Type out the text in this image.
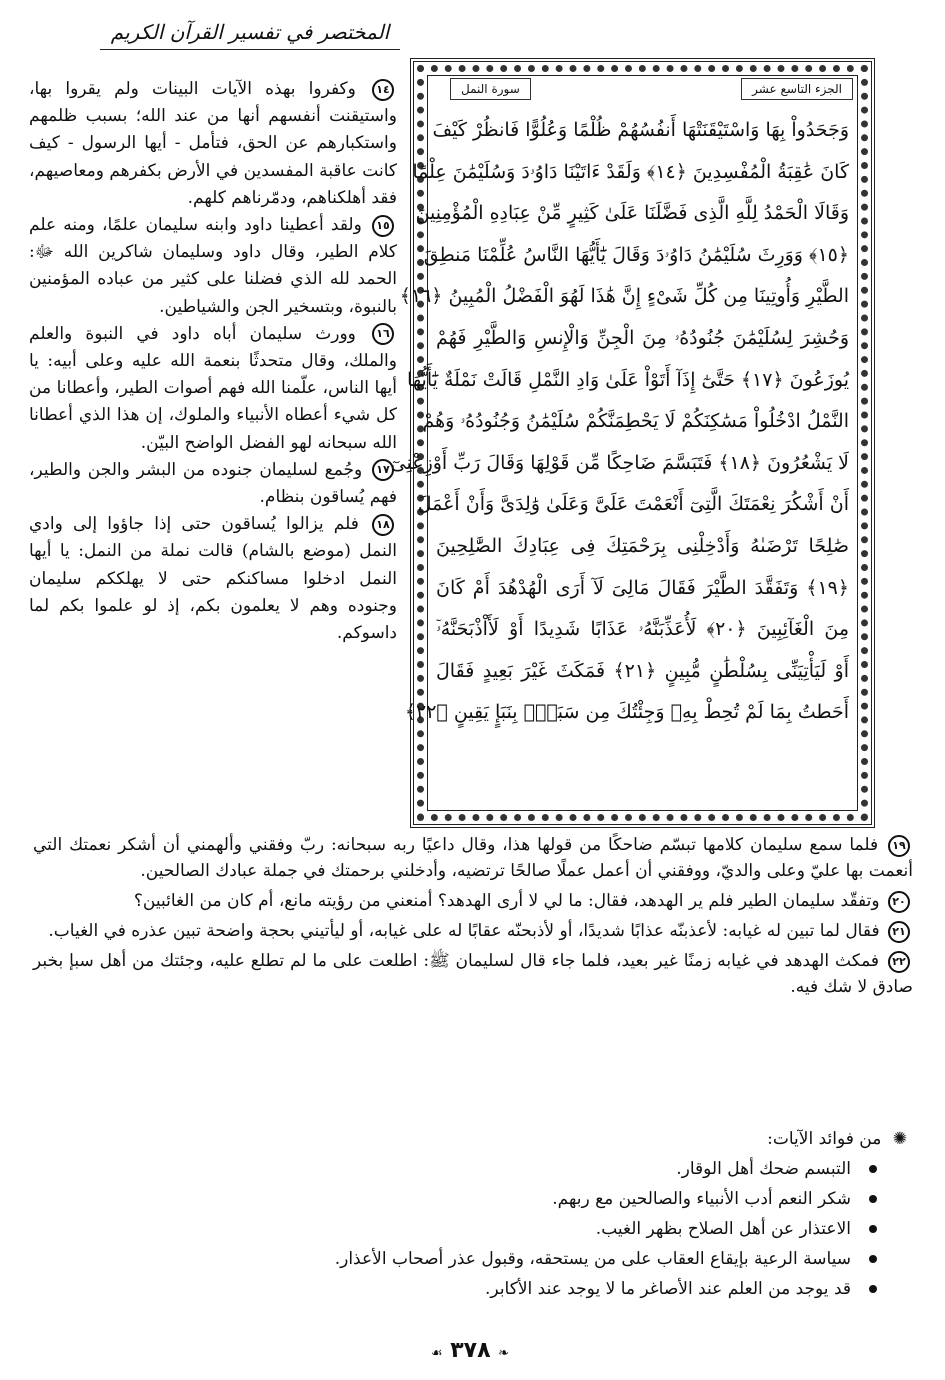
المختصر في تفسير القرآن الكريم
الجزء التاسع عشر
سورة النمل
وَجَحَدُواْ بِهَا وَاسْتَيْقَنَتْهَا أَنفُسُهُمْ ظُلْمًا وَعُلُوًّا فَانظُرْ كَيْفَ
كَانَ عَٰقِبَةُ الْمُفْسِدِينَ ﴿١٤﴾ وَلَقَدْ ءَاتَيْنَا دَاوُۥدَ وَسُلَيْمَٰنَ عِلْمًا
وَقَالَا الْحَمْدُ لِلَّهِ الَّذِى فَضَّلَنَا عَلَىٰ كَثِيرٍ مِّنْ عِبَادِهِ الْمُؤْمِنِينَ
﴿١٥﴾ وَوَرِثَ سُلَيْمَٰنُ دَاوُۥدَ وَقَالَ يَٰٓأَيُّهَا النَّاسُ عُلِّمْنَا مَنطِقَ
الطَّيْرِ وَأُوتِينَا مِن كُلِّ شَىْءٍ إِنَّ هَٰذَا لَهُوَ الْفَضْلُ الْمُبِينُ ﴿١٦﴾
وَحُشِرَ لِسُلَيْمَٰنَ جُنُودُهُۥ مِنَ الْجِنِّ وَالْإِنسِ وَالطَّيْرِ فَهُمْ
يُوزَعُونَ ﴿١٧﴾ حَتَّىٰٓ إِذَآ أَتَوْاْ عَلَىٰ وَادِ النَّمْلِ قَالَتْ نَمْلَةٌ يَٰٓأَيُّهَا
النَّمْلُ ادْخُلُواْ مَسَٰكِنَكُمْ لَا يَحْطِمَنَّكُمْ سُلَيْمَٰنُ وَجُنُودُهُۥ وَهُمْ
لَا يَشْعُرُونَ ﴿١٨﴾ فَتَبَسَّمَ ضَاحِكًا مِّن قَوْلِهَا وَقَالَ رَبِّ أَوْزِعْنِىٓ
أَنْ أَشْكُرَ نِعْمَتَكَ الَّتِىٓ أَنْعَمْتَ عَلَىَّ وَعَلَىٰ وَٰلِدَىَّ وَأَنْ أَعْمَلَ
صَٰلِحًا تَرْضَىٰهُ وَأَدْخِلْنِى بِرَحْمَتِكَ فِى عِبَادِكَ الصَّٰلِحِينَ
﴿١٩﴾ وَتَفَقَّدَ الطَّيْرَ فَقَالَ مَالِىَ لَآ أَرَى الْهُدْهُدَ أَمْ كَانَ
مِنَ الْغَآئِبِينَ ﴿٢٠﴾ لَأُعَذِّبَنَّهُۥ عَذَابًا شَدِيدًا أَوْ لَأَاْذْبَحَنَّهُۥٓ
أَوْ لَيَأْتِيَنِّى بِسُلْطَٰنٍ مُّبِينٍ ﴿٢١﴾ فَمَكَثَ غَيْرَ بَعِيدٍ فَقَالَ
أَحَطتُ بِمَا لَمْ تُحِطْ بِهِۦ وَجِئْتُكَ مِن سَبَإٍۭ بِنَبَإٍ يَقِينٍ ﴿٢٢﴾

١٤ وكفروا بهذه الآيات البينات ولم يقروا بها، واستيقنت أنفسهم أنها من عند الله؛ بسبب ظلمهم واستكبارهم عن الحق، فتأمل - أيها الرسول - كيف كانت عاقبة المفسدين في الأرض بكفرهم ومعاصيهم، فقد أهلكناهم، ودمّرناهم كلهم.

١٥ ولقد أعطينا داود وابنه سليمان علمًا، ومنه علم كلام الطير، وقال داود وسليمان شاكرين الله ﷻ: الحمد لله الذي فضلنا على كثير من عباده المؤمنين بالنبوة، وبتسخير الجن والشياطين.

١٦ وورث سليمان أباه داود في النبوة والعلم والملك، وقال متحدثًا بنعمة الله عليه وعلى أبيه: يا أيها الناس، علّمنا الله فهم أصوات الطير، وأعطانا من كل شيء أعطاه الأنبياء والملوك، إن هذا الذي أعطانا الله سبحانه لهو الفضل الواضح البيّن.

١٧ وجُمع لسليمان جنوده من البشر والجن والطير، فهم يُساقون بنظام.

١٨ فلم يزالوا يُساقون حتى إذا جاؤوا إلى وادي النمل (موضع بالشام) قالت نملة من النمل: يا أيها النمل ادخلوا مساكنكم حتى لا يهلككم سليمان وجنوده وهم لا يعلمون بكم، إذ لو علموا بكم لما داسوكم.

١٩ فلما سمع سليمان كلامها تبسّم ضاحكًا من قولها هذا، وقال داعيًا ربه سبحانه: ربّ وفقني وألهمني أن أشكر نعمتك التي أنعمت بها عليّ وعلى والديّ، ووفقني أن أعمل عملًا صالحًا ترتضيه، وأدخلني برحمتك في جملة عبادك الصالحين.

٢٠ وتفقّد سليمان الطير فلم ير الهدهد، فقال: ما لي لا أرى الهدهد؟ أمنعني من رؤيته مانع، أم كان من الغائبين؟

٢١ فقال لما تبين له غيابه: لأعذبنّه عذابًا شديدًا، أو لأذبحنّه عقابًا له على غيابه، أو ليأتيني بحجة واضحة تبين عذره في الغياب.

٢٢ فمكث الهدهد في غيابه زمنًا غير بعيد، فلما جاء قال لسليمان ﷺ: اطلعت على ما لم تطلع عليه، وجئتك من أهل سبإ بخبر صادق لا شك فيه.

✺ من فوائد الآيات:
التبسم ضحك أهل الوقار.
شكر النعم أدب الأنبياء والصالحين مع ربهم.
الاعتذار عن أهل الصلاح بظهر الغيب.
سياسة الرعية بإيقاع العقاب على من يستحقه، وقبول عذر أصحاب الأعذار.
قد يوجد من العلم عند الأصاغر ما لا يوجد عند الأكابر.
❧ ٣٧٨ ☙
